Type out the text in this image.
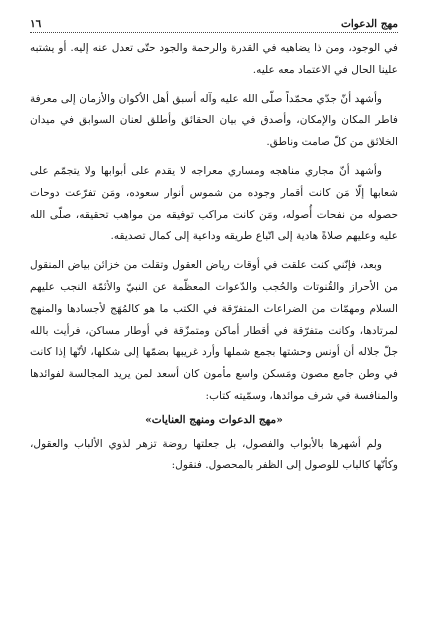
١٦	مهج الدعوات

في الوجود، ومن ذا يضاهيه في القدرة والرحمة والجود حتّى تعدل عنه إليه. أو يشتبه علينا الحال في الاعتماد معه عليه.

وأشهد أنّ جدّي محمّداً صلّى الله عليه وآله أسبق أهل الأكوان والأزمان إلى معرفة فاطر المكان والإمكان، وأصدق في بيان الحقائق وأطلق لعنان السوابق في ميدان الخلائق من كلّ صامت وناطق.

وأشهد أنّ مجاري مناهجه ومساري معراجه لا يقدم على أبوابها ولا يتجمّم على شعابها إلّا مَن كانت أقمار وجوده من شموس أنوار سعوده، ومَن تفرّعت دوحات حصوله من نفحات أُصوله، ومَن كانت مراكب توفيقه من مواهب تحقيقه، صلّى الله عليه وعليهم صلاةً هادية إلى اتّباع طريقه وداعية إلى كمال تصديقه.

وبعد، فإنّني كنت علقت في أوقات رياض العقول وتقلت من خزائن بياض المنقول من الأحراز والقُنوتات والحُجب والدّعوات المعظّمة عن النبيّ والأئمّة النجب عليهم السلام ومهمّات من الضراعات المتفرّقة في الكتب ما هو كالمُهَج لأجسادها والمنهج لمرتادها، وكانت متفرّقة في أقطار أماكن ومتمزّقة في أوطار مساكن، فرأيت بالله جلّ جلاله أن أونس وحشتها بجمع شملها وأرد غريبها بضمّها إلى شكلها، لأنّها إذا كانت في وطن جامع مصون ومَسكن واسع مأمون كان أسعد لمن يريد المجالسة لفوائدها والمنافسة في شرف موائدها، وسمّيته كتاب:

«مهج الدعوات ومنهج العنايات»

ولم أشهرها بالأبواب والفصول، بل جعلتها روضة تزهر لذوي الألباب والعقول، وكأنّها كالباب للوصول إلى الظفر بالمحصول. فنقول:
